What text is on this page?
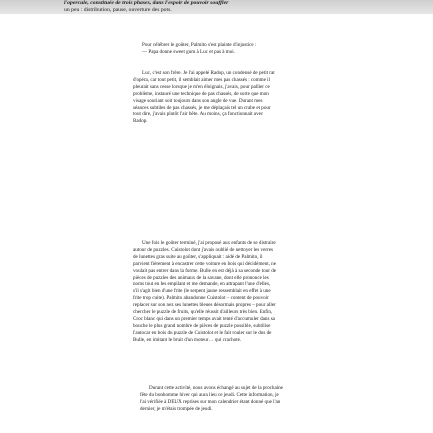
l'opercule, constituée de trois phases, dans l'espoir de pouvoir souffler
un peu : distribution, pause, ouverture des pots.
Pour célébrer le goûter, Palmito s'est plainte d'injustice :
— Papa donne sweet gum à Luc et pas à moi.
Luc, c'est son frère. Je l'ai appelé Radop, un condensé de petit rat
d'opéra, car tout petit, il semblait aimer mes pas chassés : comme il
pleurait sans cesse lorsque je m'en éloignais, j'avais, pour pallier ce
problème, instauré une technique de pas chassés, de sorte que mon
visage souriant soit toujours dans son angle de vue. Durant mes
séances subtiles de pas chassés, je me déplaçais tel un crabe et pour
tout dire, j'avais plutôt l'air bête. Au moins, ça fonctionnait avec
Radop.
Une fois le goûter terminé, j'ai proposé aux enfants de se distraire
autour de puzzles. Cuistolot dont j'avais oublié de nettoyer les verres
de lunettes gras suite au goûter, s'appliquait : aidé de Palmito, il
parvient fièrement à encastrer cette voiture en bois qui décidément, ne
voulait pas entrer dans la forme. Bulle en est déjà à sa seconde tour de
pièces de puzzles des animaux de la savane, dont elle prononce les
noms tout en les empilant et me demande, en attrapant l'une d'elles,
s'il s'agit bien d'une frite (le serpent jaune ressemblait en effet à une
frite trop cuite). Palmito abandonne Cuistolot – content de pouvoir
replacer sur son nez ses lunettes bleues désormais propres – pour aller
chercher le puzzle de fruits, qu'elle réussit d'ailleurs très bien. Enfin,
Croc blanc qui dans un premier temps avait tenté d'accumuler dans sa
bouche le plus grand nombre de pièces de puzzle possible, subtilise
l'autocar en bois du puzzle de Cuistolot et le fait rouler sur le dos de
Bulle, en imitant le bruit d'un moteur… qui crachote.
Durant cette activité, nous avons échangé au sujet de la prochaine
fête du bonhomme hiver qui aura lieu ce jeudi. Cette information, je
l'ai vérifiée à DEUX reprises sur mon calendrier étant donné que l'an
dernier, je m'étais trompée de jeudi.
